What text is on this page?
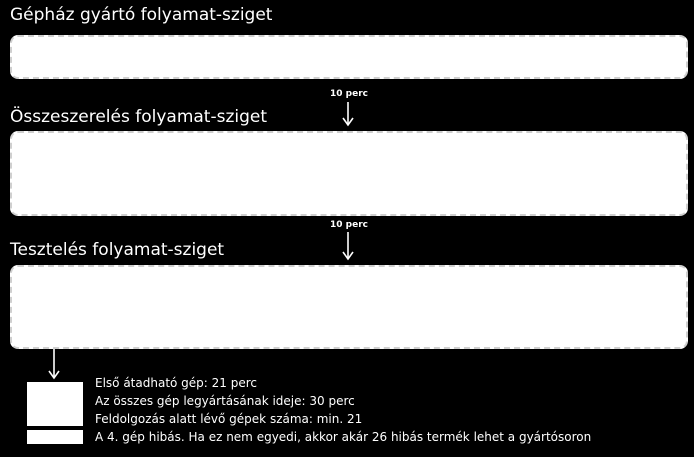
Gépház gyártó folyamat-sziget
10 perc
Összeszerelés folyamat-sziget
10 perc
Tesztelés folyamat-sziget
Első átadható gép: 21 perc
Az összes gép legyártásának ideje: 30 perc
Feldolgozás alatt lévő gépek száma: min. 21
A 4. gép hibás. Ha ez nem egyedi, akkor akár 26 hibás termék lehet a gyártósoron
